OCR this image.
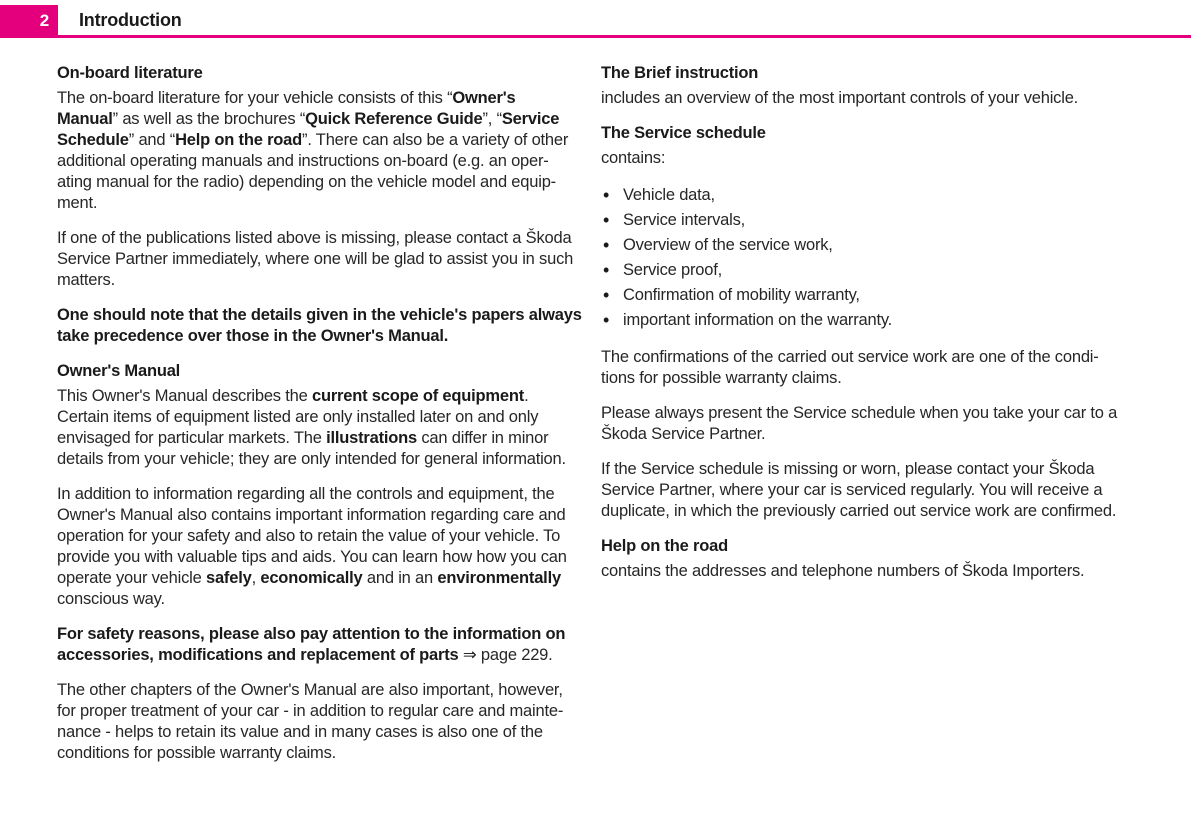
2	Introduction
On-board literature
The on-board literature for your vehicle consists of this “Owner's
Manual” as well as the brochures “Quick Reference Guide”, “Service
Schedule” and “Help on the road”. There can also be a variety of other
additional operating manuals and instructions on-board (e.g. an oper-
ating manual for the radio) depending on the vehicle model and equip-
ment.
If one of the publications listed above is missing, please contact a Škoda
Service Partner immediately, where one will be glad to assist you in such
matters.
One should note that the details given in the vehicle's papers always
take precedence over those in the Owner's Manual.
Owner's Manual
This Owner's Manual describes the current scope of equipment.
Certain items of equipment listed are only installed later on and only
envisaged for particular markets. The illustrations can differ in minor
details from your vehicle; they are only intended for general information.
In addition to information regarding all the controls and equipment, the
Owner's Manual also contains important information regarding care and
operation for your safety and also to retain the value of your vehicle. To
provide you with valuable tips and aids. You can learn how how you can
operate your vehicle safely, economically and in an environmentally
conscious way.
For safety reasons, please also pay attention to the information on
accessories, modifications and replacement of parts ⇒ page 229.
The other chapters of the Owner's Manual are also important, however,
for proper treatment of your car - in addition to regular care and mainte-
nance - helps to retain its value and in many cases is also one of the
conditions for possible warranty claims.
The Brief instruction
includes an overview of the most important controls of your vehicle.
The Service schedule
contains:
• Vehicle data,
• Service intervals,
• Overview of the service work,
• Service proof,
• Confirmation of mobility warranty,
• important information on the warranty.
The confirmations of the carried out service work are one of the condi-
tions for possible warranty claims.
Please always present the Service schedule when you take your car to a
Škoda Service Partner.
If the Service schedule is missing or worn, please contact your Škoda
Service Partner, where your car is serviced regularly. You will receive a
duplicate, in which the previously carried out service work are confirmed.
Help on the road
contains the addresses and telephone numbers of Škoda Importers.
